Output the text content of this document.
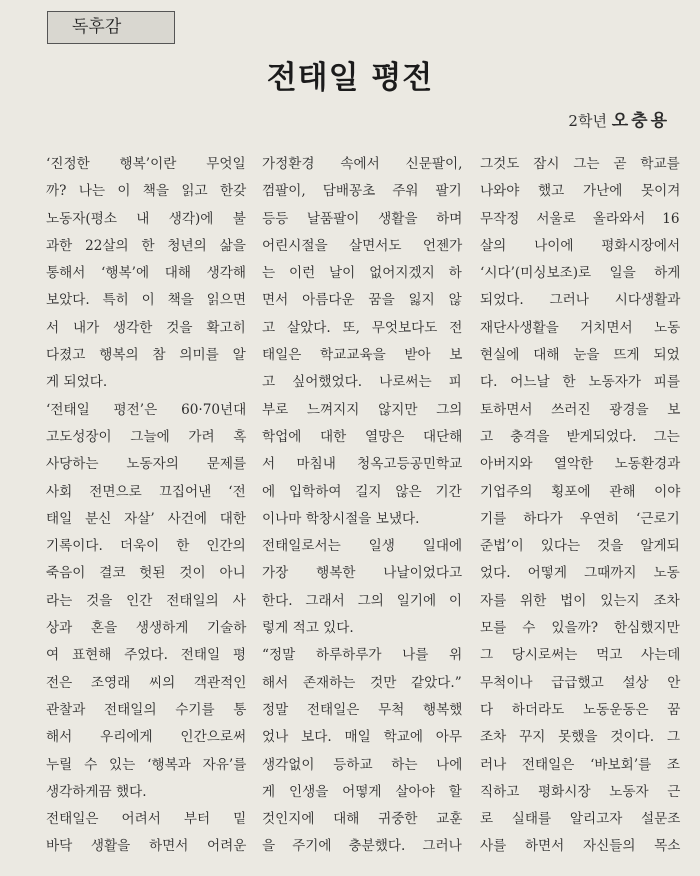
독후감
전태일 평전
2학년 오충용
‘진정한 행복’이란 무엇일
까? 나는 이 책을 읽고 한갖
노동자(평소 내 생각)에 불
과한 22살의 한 청년의 삶을
통해서 ‘행복’에 대해 생각해
보았다. 특히 이 책을 읽으면
서 내가 생각한 것을 확고히
다졌고 행복의 참 의미를 알
게 되었다.
‘전태일 평전’은 60·70년대
고도성장이 그늘에 가려 혹
사당하는 노동자의 문제를
사회 전면으로 끄집어낸 ‘전
태일 분신 자살’ 사건에 대한
기록이다. 더욱이 한 인간의
죽음이 결코 헛된 것이 아니
라는 것을 인간 전태일의 사
상과 혼을 생생하게 기술하
여 표현해 주었다. 전태일 평
전은 조영래 씨의 객관적인
관찰과 전태일의 수기를 통
해서 우리에게 인간으로써
누릴 수 있는 ‘행복과 자유’를
생각하게끔 했다.
전태일은 어려서 부터 밑
바닥 생활을 하면서 어려운
가정환경 속에서 신문팔이,
껌팔이, 담배꽁초 주워 팔기
등등 날품팔이 생활을 하며
어린시절을 살면서도 언젠가
는 이런 날이 없어지겠지 하
면서 아름다운 꿈을 잃지 않
고 살았다. 또, 무엇보다도 전
태일은 학교교육을 받아 보
고 싶어했었다. 나로써는 피
부로 느껴지지 않지만 그의
학업에 대한 열망은 대단해
서 마침내 청옥고등공민학교
에 입학하여 길지 않은 기간
이나마 학창시절을 보냈다.
전태일로서는 일생 일대에
가장 행복한 나날이었다고
한다. 그래서 그의 일기에 이
렇게 적고 있다.
“정말 하루하루가 나를 위
해서 존재하는 것만 같았다.”
정말 전태일은 무척 행복했
었나 보다. 매일 학교에 아무
생각없이 등하교 하는 나에
게 인생을 어떻게 살아야 할
것인지에 대해 귀중한 교훈
을 주기에 충분했다. 그러나
그것도 잠시 그는 곧 학교를
나와야 했고 가난에 못이겨
무작정 서울로 올라와서 16
살의 나이에 평화시장에서
‘시다’(미싱보조)로 일을 하게
되었다. 그러나 시다생활과
재단사생활을 거치면서 노동
현실에 대해 눈을 뜨게 되었
다. 어느날 한 노동자가 피를
토하면서 쓰러진 광경을 보
고 충격을 받게되었다. 그는
아버지와 열악한 노동환경과
기업주의 횡포에 관해 이야
기를 하다가 우연히 ‘근로기
준법’이 있다는 것을 알게되
었다. 어떻게 그때까지 노동
자를 위한 법이 있는지 조차
모를 수 있을까? 한심했지만
그 당시로써는 먹고 사는데
무척이나 급급했고 설상 안
다 하더라도 노동운동은 꿈
조차 꾸지 못했을 것이다. 그
러나 전태일은 ‘바보회’를 조
직하고 평화시장 노동자 근
로 실태를 알리고자 설문조
사를 하면서 자신들의 목소
